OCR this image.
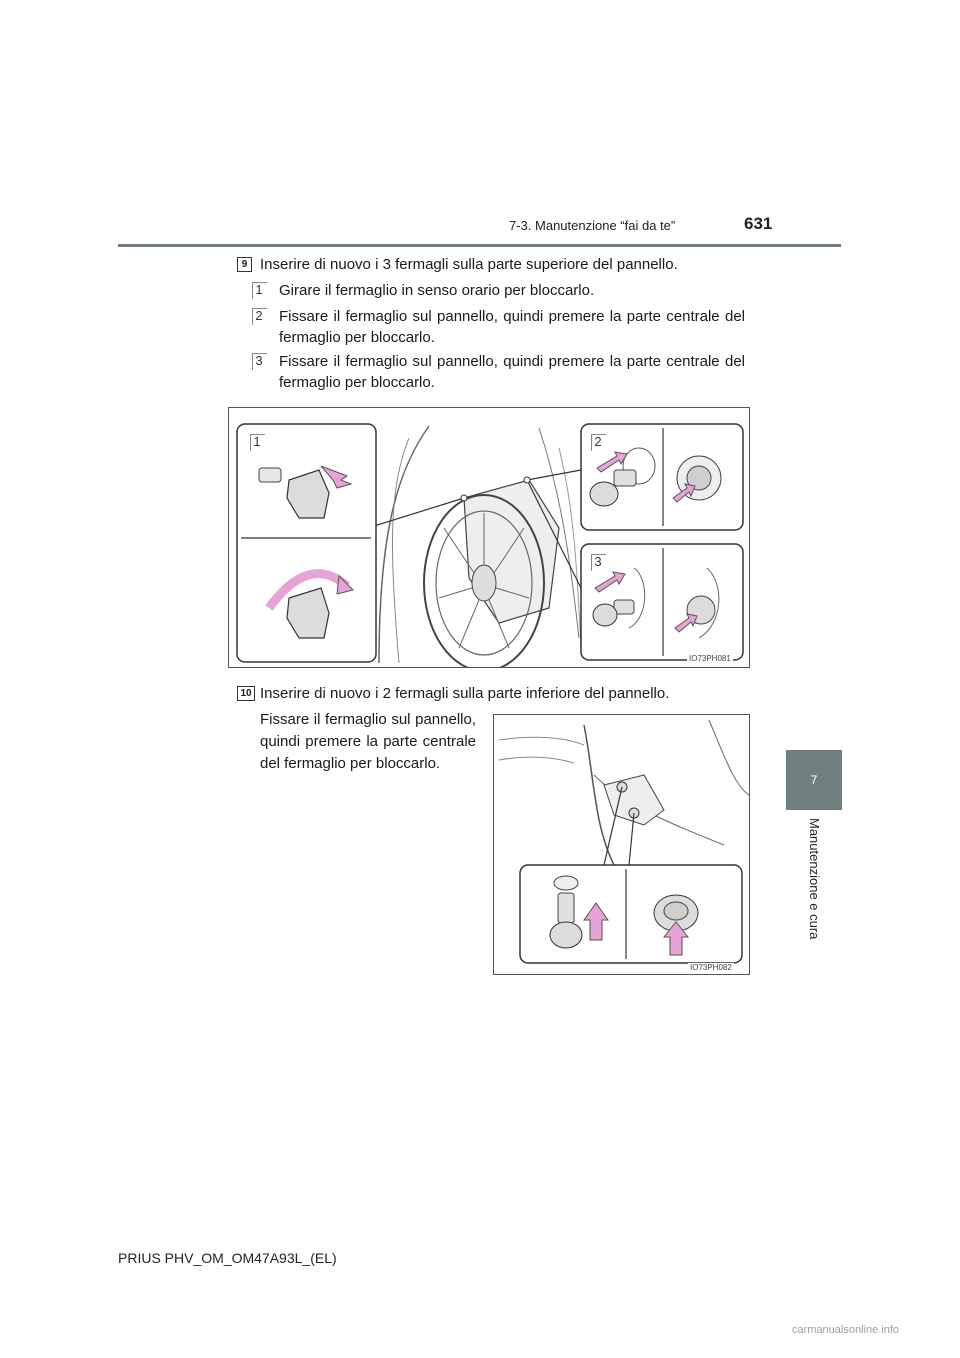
7-3. Manutenzione “fai da te”	631
7
Manutenzione e cura
9 Inserire di nuovo i 3 fermagli sulla parte superiore del pannello.
1 Girare il fermaglio in senso orario per bloccarlo.
2 Fissare il fermaglio sul pannello, quindi premere la parte centrale del fermaglio per bloccarlo.
3 Fissare il fermaglio sul pannello, quindi premere la parte centrale del fermaglio per bloccarlo.
1	2
3
IO73PH081
10 Inserire di nuovo i 2 fermagli sulla parte inferiore del pannello.
Fissare il fermaglio sul pannello, quindi premere la parte centrale del fermaglio per bloccarlo.
IO73PH082
PRIUS PHV_OM_OM47A93L_(EL)
carmanualsonline.info
